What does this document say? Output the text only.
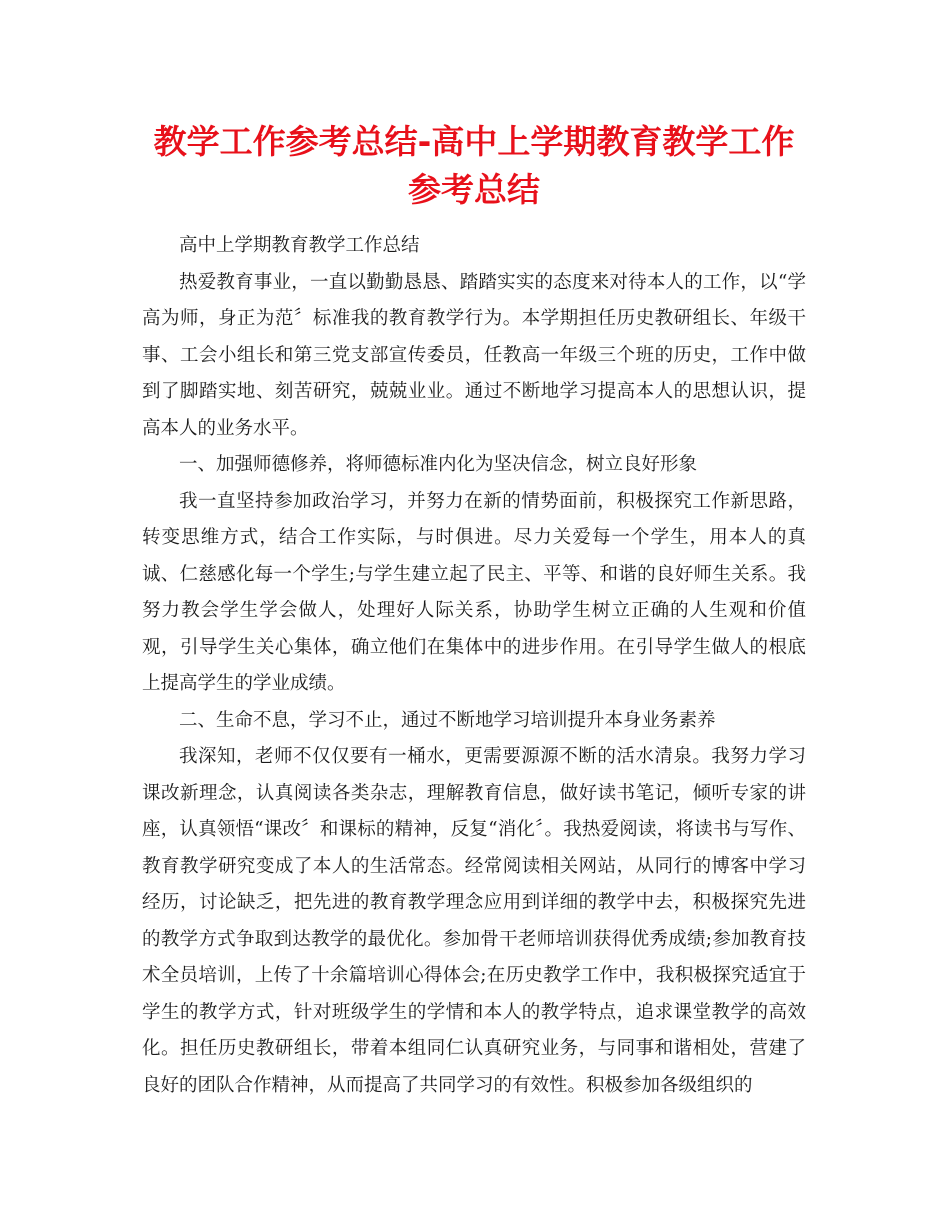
教学工作参考总结-高中上学期教育教学工作参考总结

高中上学期教育教学工作总结

热爱教育事业，一直以勤勤恳恳、踏踏实实的态度来对待本人的工作，以“学高为师，身正为范〞标准我的教育教学行为。本学期担任历史教研组长、年级干事、工会小组长和第三党支部宣传委员，任教高一年级三个班的历史，工作中做到了脚踏实地、刻苦研究，兢兢业业。通过不断地学习提高本人的思想认识，提高本人的业务水平。

一、加强师德修养，将师德标准内化为坚决信念，树立良好形象

我一直坚持参加政治学习，并努力在新的情势面前，积极探究工作新思路，转变思维方式，结合工作实际，与时俱进。尽力关爱每一个学生，用本人的真诚、仁慈感化每一个学生;与学生建立起了民主、平等、和谐的良好师生关系。我努力教会学生学会做人，处理好人际关系，协助学生树立正确的人生观和价值观，引导学生关心集体，确立他们在集体中的进步作用。在引导学生做人的根底上提高学生的学业成绩。

二、生命不息，学习不止，通过不断地学习培训提升本身业务素养

我深知，老师不仅仅要有一桶水，更需要源源不断的活水清泉。我努力学习课改新理念，认真阅读各类杂志，理解教育信息，做好读书笔记，倾听专家的讲座，认真领悟“课改〞和课标的精神，反复“消化〞。我热爱阅读，将读书与写作、教育教学研究变成了本人的生活常态。经常阅读相关网站，从同行的博客中学习经历，讨论缺乏，把先进的教育教学理念应用到详细的教学中去，积极探究先进的教学方式争取到达教学的最优化。参加骨干老师培训获得优秀成绩;参加教育技术全员培训，上传了十余篇培训心得体会;在历史教学工作中，我积极探究适宜于学生的教学方式，针对班级学生的学情和本人的教学特点，追求课堂教学的高效化。担任历史教研组长，带着本组同仁认真研究业务，与同事和谐相处，营建了良好的团队合作精神，从而提高了共同学习的有效性。积极参加各级组织的
